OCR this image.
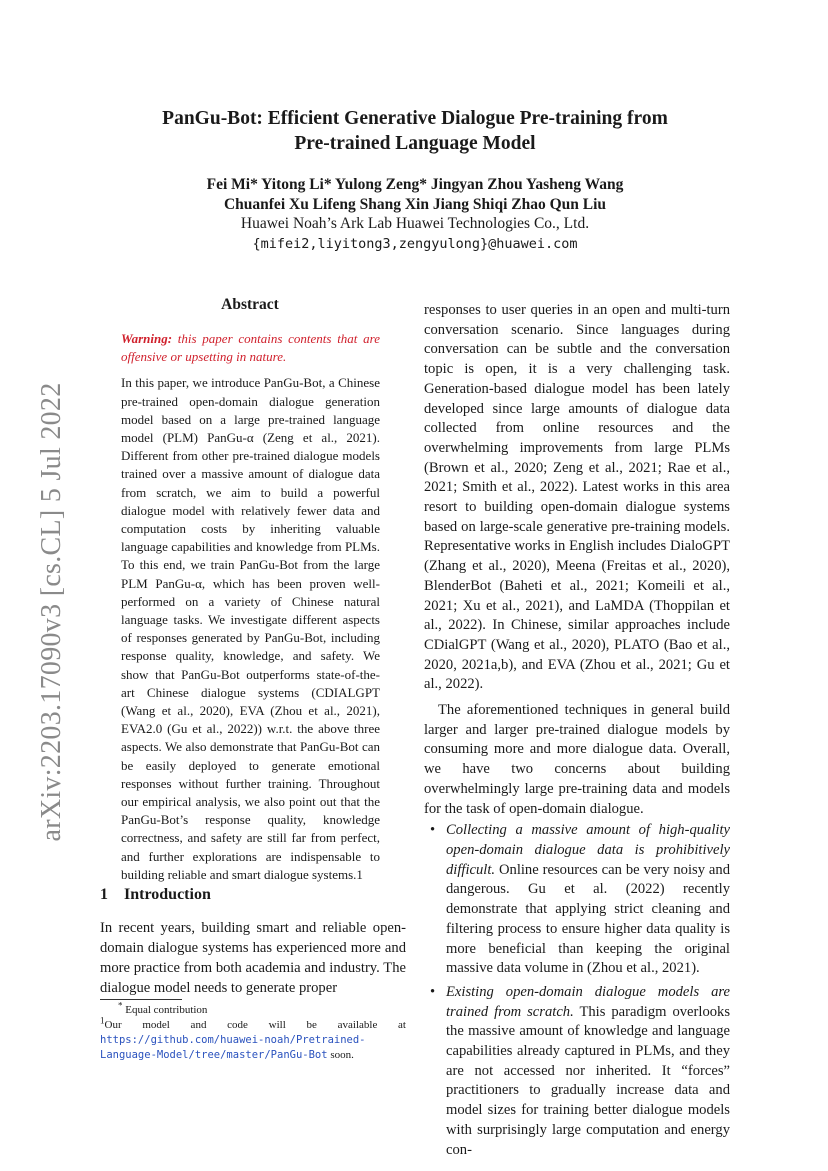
PanGu-Bot: Efficient Generative Dialogue Pre-training from
Pre-trained Language Model
Fei Mi* Yitong Li* Yulong Zeng* Jingyan Zhou Yasheng Wang
Chuanfei Xu Lifeng Shang Xin Jiang Shiqi Zhao Qun Liu
Huawei Noah’s Ark Lab Huawei Technologies Co., Ltd.
{mifei2,liyitong3,zengyulong}@huawei.com
arXiv:2203.17090v3 [cs.CL] 5 Jul 2022
Abstract

Warning: this paper contains contents that are offensive or upsetting in nature.

In this paper, we introduce PanGu-Bot, a Chinese pre-trained open-domain dialogue generation model based on a large pre-trained language model (PLM) PanGu-α (Zeng et al., 2021). Different from other pre-trained dialogue models trained over a massive amount of dialogue data from scratch, we aim to build a powerful dialogue model with relatively fewer data and computation costs by inheriting valuable language capabilities and knowledge from PLMs. To this end, we train PanGu-Bot from the large PLM PanGu-α, which has been proven well-performed on a variety of Chinese natural language tasks. We investigate different aspects of responses generated by PanGu-Bot, including response quality, knowledge, and safety. We show that PanGu-Bot outperforms state-of-the-art Chinese dialogue systems (CDIALGPT (Wang et al., 2020), EVA (Zhou et al., 2021), EVA2.0 (Gu et al., 2022)) w.r.t. the above three aspects. We also demonstrate that PanGu-Bot can be easily deployed to generate emotional responses without further training. Throughout our empirical analysis, we also point out that the PanGu-Bot’s response quality, knowledge correctness, and safety are still far from perfect, and further explorations are indispensable to building reliable and smart dialogue systems.1

1 Introduction
In recent years, building smart and reliable open-domain dialogue systems has experienced more and more practice from both academia and industry. The dialogue model needs to generate proper
* Equal contribution
$^1$Our model and code will be available at https://github.com/huawei-noah/Pretrained-Language-Model/tree/master/PanGu-Bot soon.

responses to user queries in an open and multi-turn conversation scenario. Since languages during conversation can be subtle and the conversation topic is open, it is a very challenging task. Generation-based dialogue model has been lately developed since large amounts of dialogue data collected from online resources and the overwhelming improvements from large PLMs (Brown et al., 2020; Zeng et al., 2021; Rae et al., 2021; Smith et al., 2022). Latest works in this area resort to building open-domain dialogue systems based on large-scale generative pre-training models. Representative works in English includes DialoGPT (Zhang et al., 2020), Meena (Freitas et al., 2020), BlenderBot (Baheti et al., 2021; Komeili et al., 2021; Xu et al., 2021), and LaMDA (Thoppilan et al., 2022). In Chinese, similar approaches include CDialGPT (Wang et al., 2020), PLATO (Bao et al., 2020, 2021a,b), and EVA (Zhou et al., 2021; Gu et al., 2022).

The aforementioned techniques in general build larger and larger pre-trained dialogue models by consuming more and more dialogue data. Overall, we have two concerns about building overwhelmingly large pre-training data and models for the task of open-domain dialogue.

• Collecting a massive amount of high-quality open-domain dialogue data is prohibitively difficult. Online resources can be very noisy and dangerous. Gu et al. (2022) recently demonstrate that applying strict cleaning and filtering process to ensure higher data quality is more beneficial than keeping the original massive data volume in (Zhou et al., 2021).
• Existing open-domain dialogue models are trained from scratch. This paradigm overlooks the massive amount of knowledge and language capabilities already captured in PLMs, and they are not accessed nor inherited. It “forces” practitioners to gradually increase data and model sizes for training better dialogue models with surprisingly large computation and energy con-
